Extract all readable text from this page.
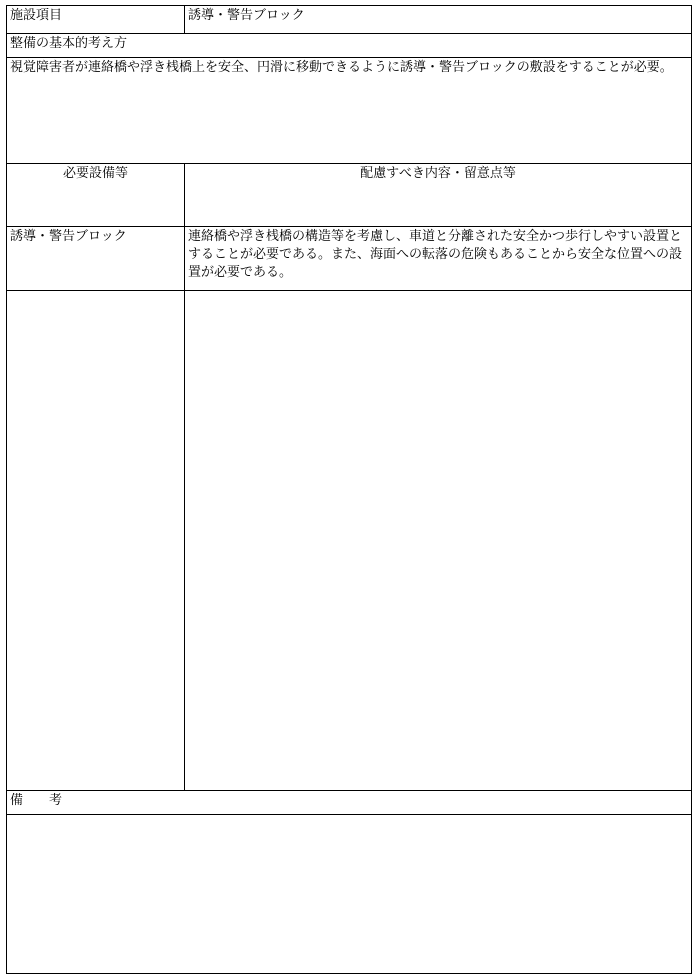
施設項目	誘導・警告ブロック
整備の基本的考え方
視覚障害者が連絡橋や浮き桟橋上を安全、円滑に移動できるように誘導・警告ブロックの敷設をすることが必要。
必要設備等	配慮すべき内容・留意点等
誘導・警告ブロック	連絡橋や浮き桟橋の構造等を考慮し、車道と分離された安全かつ歩行しやすい設置とすることが必要である。また、海面への転落の危険もあることから安全な位置への設置が必要である。
備　　考
